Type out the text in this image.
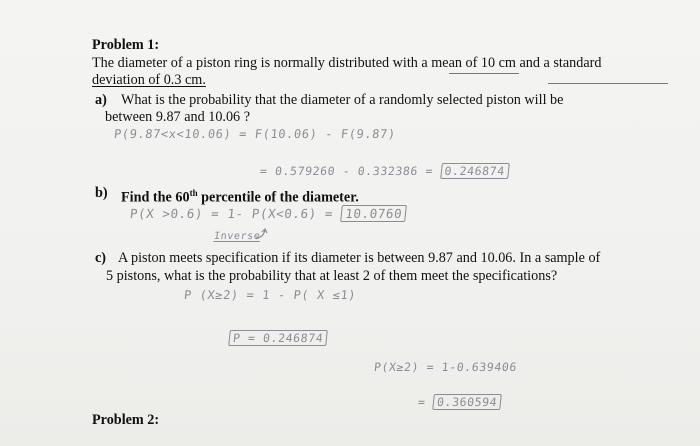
Problem 1:
The diameter of a piston ring is normally distributed with a mean of 10 cm and a standard
deviation of 0.3 cm.
a) What is the probability that the diameter of a randomly selected piston will be
between 9.87 and 10.06 ?
P(9.87<x<10.06) = F(10.06) - F(9.87)
= 0.579260 - 0.332386 = 0.246874
b) Find the 60th percentile of the diameter.
P(X >0.6) = 1- P(X<0.6) = 10.0760
Inverse
c) A piston meets specification if its diameter is between 9.87 and 10.06. In a sample of
5 pistons, what is the probability that at least 2 of them meet the specifications?
P (X≥2) = 1 - P( X ≤1)
P = 0.246874
P(X≥2) = 1-0.639406
= 0.360594
Problem 2:
